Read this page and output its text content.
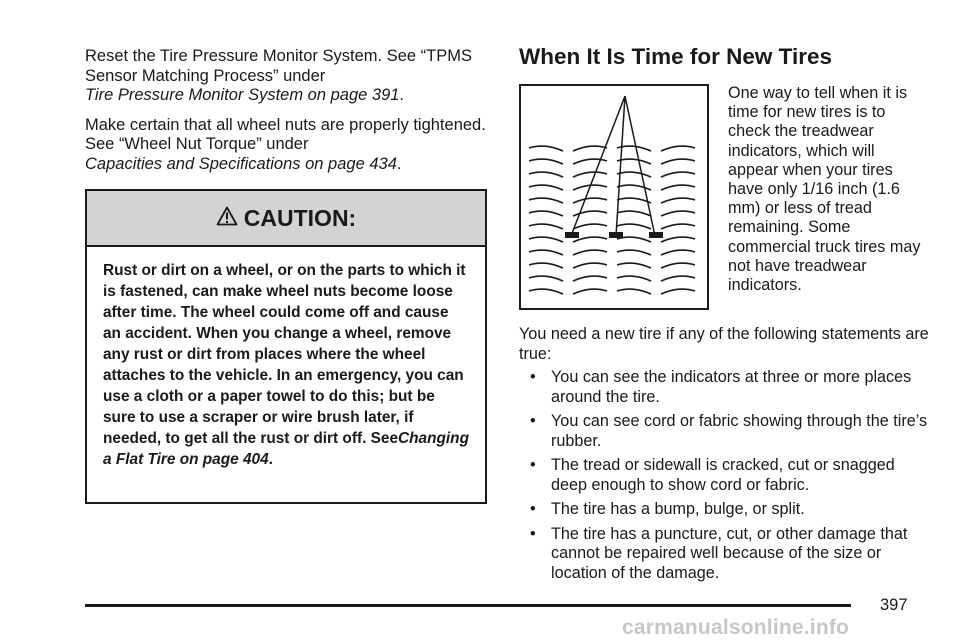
Reset the Tire Pressure Monitor System. See “TPMS Sensor Matching Process” under
Tire Pressure Monitor System on page 391.

Make certain that all wheel nuts are properly tightened. See “Wheel Nut Torque” under
Capacities and Specifications on page 434.

CAUTION:
Rust or dirt on a wheel, or on the parts to which it is fastened, can make wheel nuts become loose after time. The wheel could come off and cause an accident. When you change a wheel, remove any rust or dirt from places where the wheel attaches to the vehicle. In an emergency, you can use a cloth or a paper towel to do this; but be sure to use a scraper or wire brush later, if needed, to get all the rust or dirt off. SeeChanging a Flat Tire on page 404.
When It Is Time for New Tires
One way to tell when it is time for new tires is to check the treadwear indicators, which will appear when your tires have only 1/16 inch (1.6 mm) or less of tread remaining. Some commercial truck tires may not have treadwear indicators.
You need a new tire if any of the following statements are true:
• You can see the indicators at three or more places around the tire.
• You can see cord or fabric showing through the tire’s rubber.
• The tread or sidewall is cracked, cut or snagged deep enough to show cord or fabric.
• The tire has a bump, bulge, or split.
• The tire has a puncture, cut, or other damage that cannot be repaired well because of the size or location of the damage.
397
carmanualsonline.info
